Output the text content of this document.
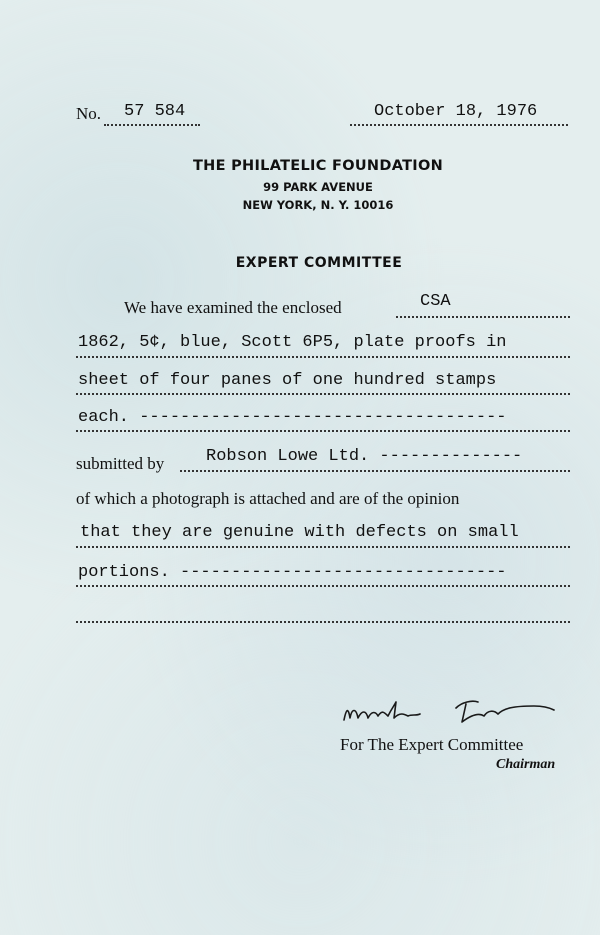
No. 57 584	October 18, 1976
THE PHILATELIC FOUNDATION
99 PARK AVENUE
NEW YORK, N. Y. 10016
EXPERT COMMITTEE
We have examined the enclosed	CSA
1862, 5¢, blue, Scott 6P5, plate proofs in
sheet of four panes of one hundred stamps
each. ------------------------------------
submitted by Robson Lowe Ltd. --------------
of which a photograph is attached and are of the opinion
that they are genuine with defects on small
portions. --------------------------------
For The Expert Committee
Chairman
